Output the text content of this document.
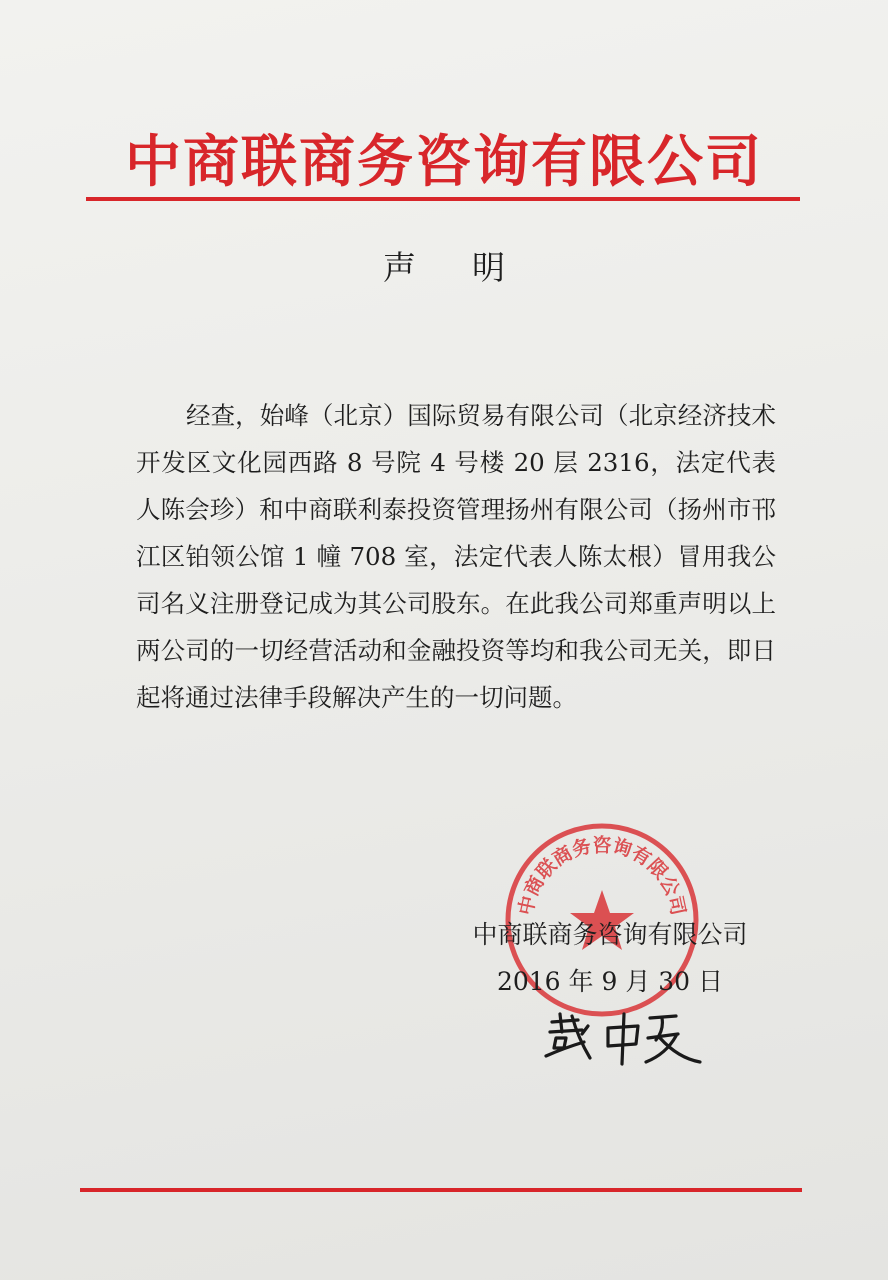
中商联商务咨询有限公司
声明
经查，始峰（北京）国际贸易有限公司（北京经济技术开发区文化园西路 8 号院 4 号楼 20 层 2316，法定代表人陈会珍）和中商联利泰投资管理扬州有限公司（扬州市邗江区铂领公馆 1 幢 708 室，法定代表人陈太根）冒用我公司名义注册登记成为其公司股东。在此我公司郑重声明以上两公司的一切经营活动和金融投资等均和我公司无关，即日起将通过法律手段解决产生的一切问题。
中商联商务咨询有限公司
中商联商务咨询有限公司
2016 年 9 月 30 日
